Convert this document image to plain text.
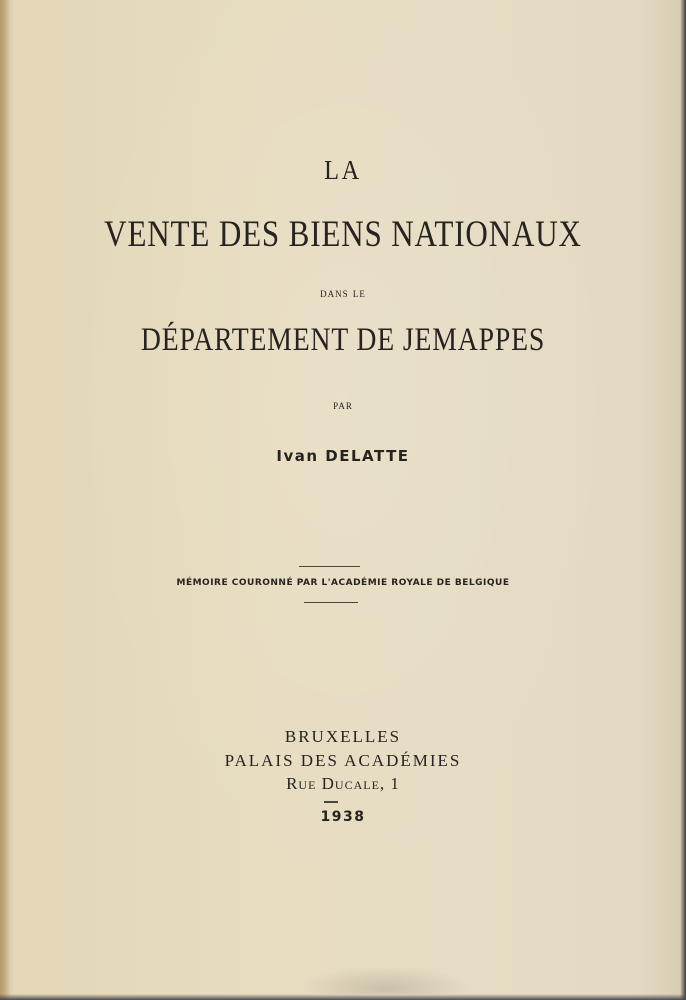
LA

VENTE DES BIENS NATIONAUX

dans le

DÉPARTEMENT DE JEMAPPES

par

Ivan DELATTE

MÉMOIRE COURONNÉ PAR L'ACADÉMIE ROYALE DE BELGIQUE

BRUXELLES

PALAIS DES ACADÉMIES

Rue Ducale, 1

1938
